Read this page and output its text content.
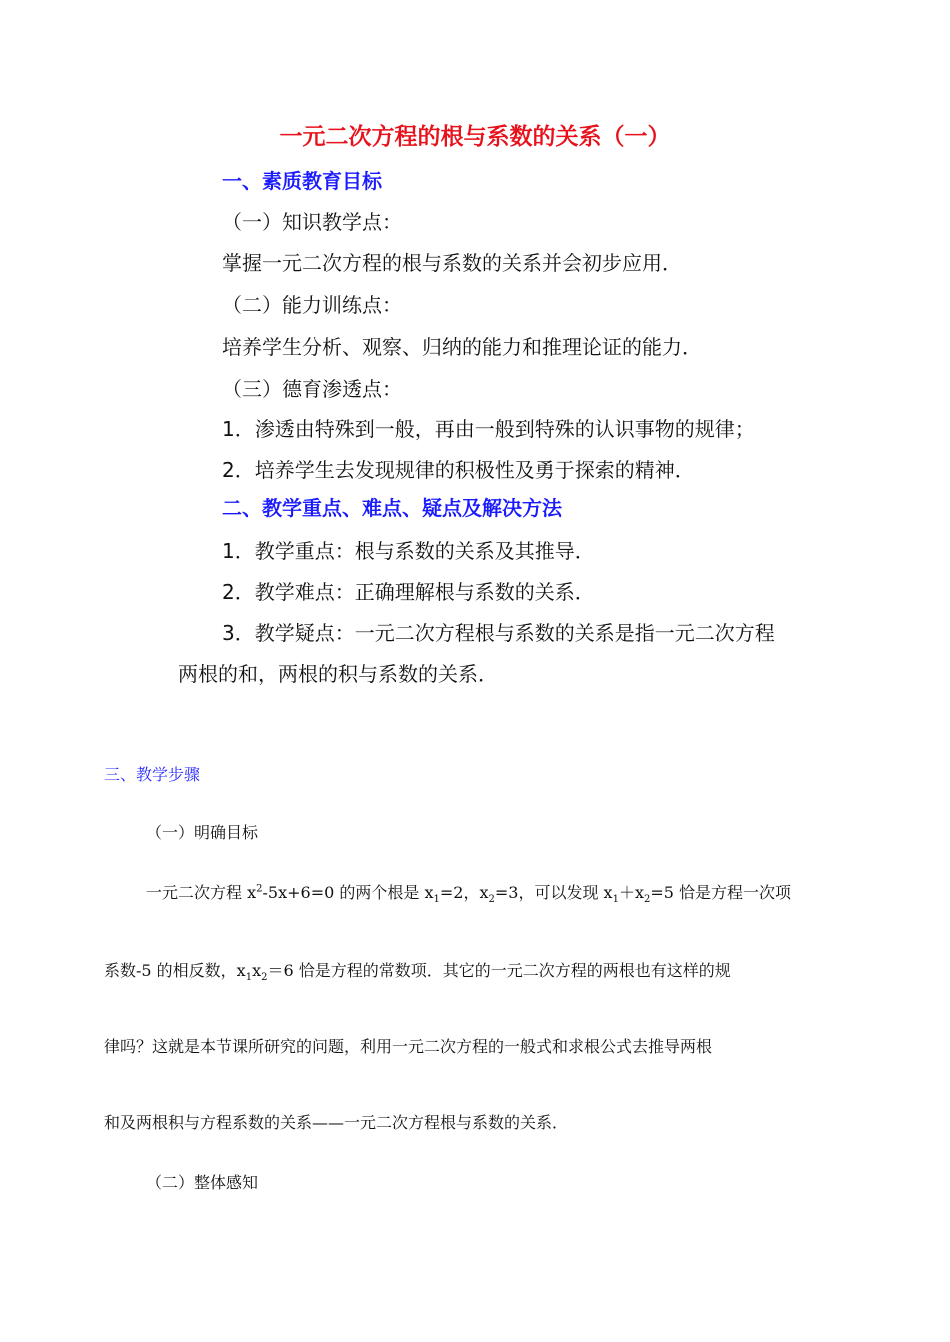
一元二次方程的根与系数的关系（一）
一、素质教育目标
（一）知识教学点：
掌握一元二次方程的根与系数的关系并会初步应用．
（二）能力训练点：
培养学生分析、观察、归纳的能力和推理论证的能力．
（三）德育渗透点：
1．渗透由特殊到一般，再由一般到特殊的认识事物的规律；
2．培养学生去发现规律的积极性及勇于探索的精神．
二、教学重点、难点、疑点及解决方法
1．教学重点：根与系数的关系及其推导．
2．教学难点：正确理解根与系数的关系．
3．教学疑点：一元二次方程根与系数的关系是指一元二次方程
两根的和，两根的积与系数的关系．
三、教学步骤
（一）明确目标
一元二次方程 $x^2-5x+6=0$ 的两个根是 $x_1=2$，$x_2=3$，可以发现 $x_1+x_2=5$ 恰是方程一次项
系数-5 的相反数，$x_1x_2=6$ 恰是方程的常数项．其它的一元二次方程的两根也有这样的规
律吗？这就是本节课所研究的问题，利用一元二次方程的一般式和求根公式去推导两根
和及两根积与方程系数的关系——一元二次方程根与系数的关系．
（二）整体感知
